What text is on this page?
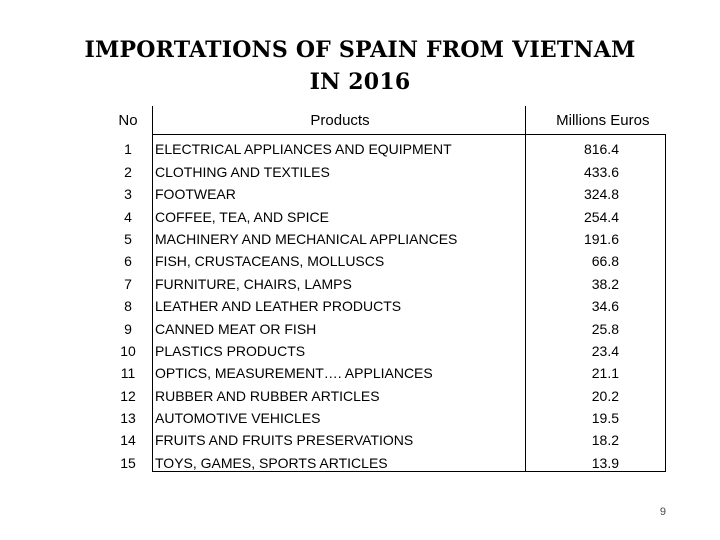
IMPORTATIONS OF SPAIN FROM VIETNAM
IN 2016
No	Products	Millions Euros
1	ELECTRICAL APPLIANCES AND EQUIPMENT	816.4
2	CLOTHING AND TEXTILES	433.6
3	FOOTWEAR	324.8
4	COFFEE, TEA, AND SPICE	254.4
5	MACHINERY AND MECHANICAL APPLIANCES	191.6
6	FISH, CRUSTACEANS, MOLLUSCS	66.8
7	FURNITURE, CHAIRS, LAMPS	38.2
8	LEATHER AND LEATHER PRODUCTS	34.6
9	CANNED MEAT OR FISH	25.8
10	PLASTICS PRODUCTS	23.4
11	OPTICS, MEASUREMENT…. APPLIANCES	21.1
12	RUBBER AND RUBBER ARTICLES	20.2
13	AUTOMOTIVE VEHICLES	19.5
14	FRUITS AND FRUITS PRESERVATIONS	18.2
15	TOYS, GAMES, SPORTS ARTICLES	13.9
9
